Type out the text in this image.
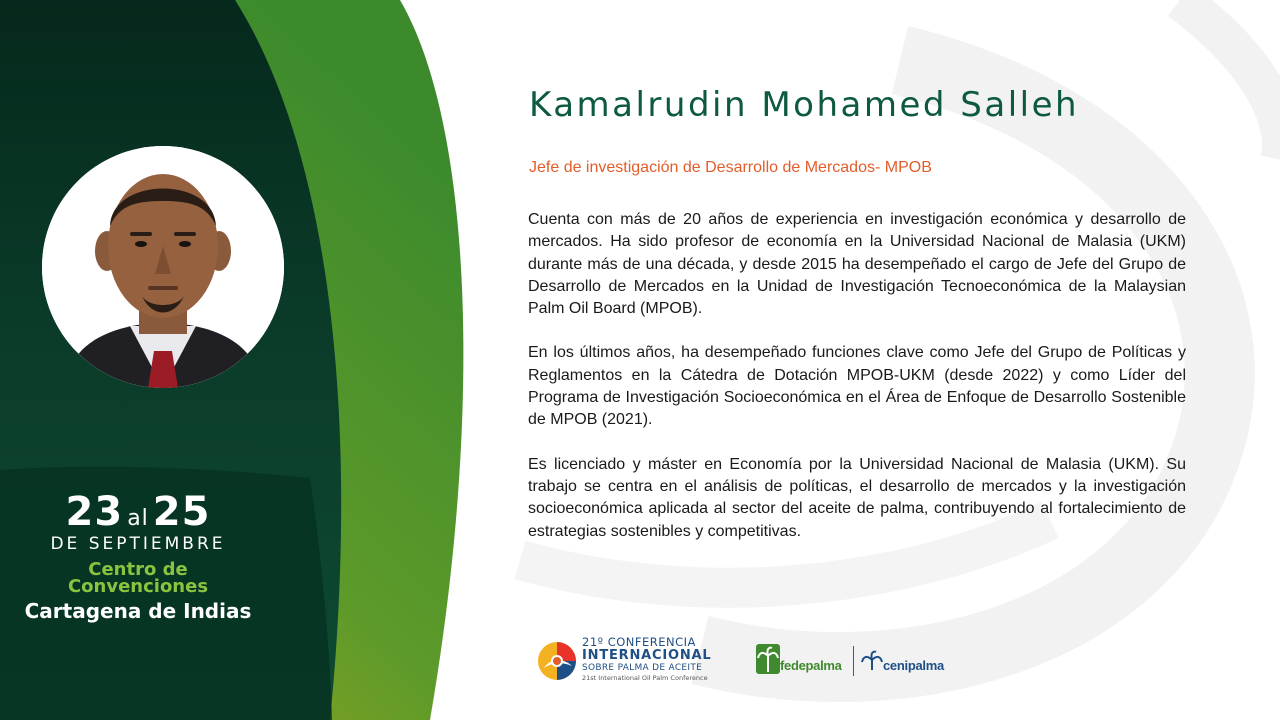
23 al 25
DE SEPTIEMBRE
Centro de
Convenciones
Cartagena de Indias
Kamalrudin Mohamed Salleh
Jefe de investigación de Desarrollo de Mercados- MPOB

Cuenta con más de 20 años de experiencia en investigación económica y desarrollo de mercados. Ha sido profesor de economía en la Universidad Nacional de Malasia (UKM) durante más de una década, y desde 2015 ha desempeñado el cargo de Jefe del Grupo de Desarrollo de Mercados en la Unidad de Investigación Tecnoeconómica de la Malaysian Palm Oil Board (MPOB).

En los últimos años, ha desempeñado funciones clave como Jefe del Grupo de Políticas y Reglamentos en la Cátedra de Dotación MPOB-UKM (desde 2022) y como Líder del Programa de Investigación Socioeconómica en el Área de Enfoque de Desarrollo Sostenible de MPOB (2021).

Es licenciado y máster en Economía por la Universidad Nacional de Malasia (UKM). Su trabajo se centra en el análisis de políticas, el desarrollo de mercados y la investigación socioeconómica aplicada al sector del aceite de palma, contribuyendo al fortalecimiento de estrategias sostenibles y competitivas.

21º CONFERENCIA
INTERNACIONAL
SOBRE PALMA DE ACEITE
21st International Oil Palm Conference
fedepalma	cenipalma
